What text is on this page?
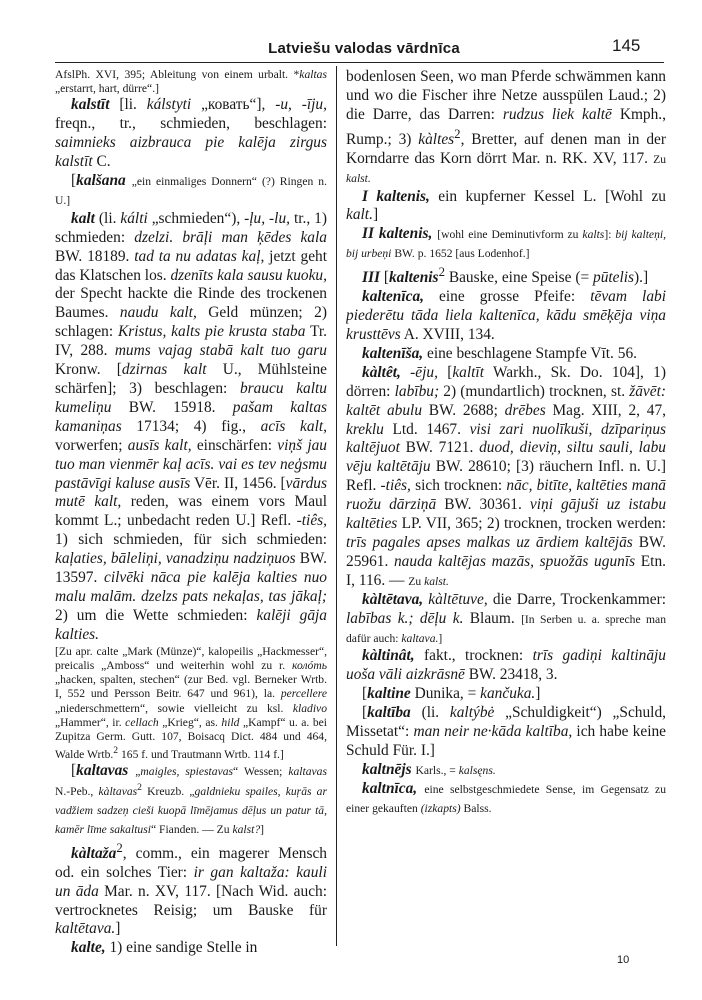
Latviešu valodas vārdnīca	145

AfslPh. XVI, 395; Ableitung von einem urbalt. *kaltas „erstarrt, hart, dürre“.]

kalstīt [li. kálstyti „ковать“], -u, -īju, freqn., tr., schmieden, beschlagen: saimnieks aizbrauca pie kalēja zirgus kalstīt C.

[kalšana „ein einmaliges Donnern“ (?) Ringen n. U.]

kalt (li. kálti „schmieden“), -ļu, -lu, tr., 1) schmieden: dzelzi. brāļi man ķēdes kala BW. 18189. tad ta nu adatas kaļ, jetzt geht das Klatschen los. dzenīts kala sausu kuoku, der Specht hackte die Rinde des trockenen Baumes. naudu kalt, Geld münzen; 2) schlagen: Kristus, kalts pie krusta staba Tr. IV, 288. mums vajag stabā kalt tuo garu Kronw. [dzirnas kalt U., Mühlsteine schärfen]; 3) beschlagen: braucu kaltu kumeliņu BW. 15918. pašam kaltas kamaniņas 17134; 4) fig., acīs kalt, vorwerfen; ausīs kalt, einschärfen: viņš jau tuo man vienmēr kaļ acīs. vai es tev neģsmu pastāvīgi kaluse ausīs Vēr. II, 1456. [vārdus mutē kalt, reden, was einem vors Maul kommt L.; unbedacht reden U.] Refl. -tiês, 1) sich schmieden, für sich schmieden: kaļaties, bāleliņi, vanadziņu nadziņuos BW. 13597. cilvēki nāca pie kalēja kalties nuo malu malām. dzelzs pats nekaļas, tas jākaļ; 2) um die Wette schmieden: kalēji gāja kalties.

[Zu apr. calte „Mark (Münze)“, kalopeilis „Hackmesser“, preicalis „Amboss“ und weiterhin wohl zu r. колóть „hacken, spalten, stechen“ (zur Bed. vgl. Berneker Wrtb. I, 552 und Persson Beitr. 647 und 961), la. percellere „niederschmettern“, sowie vielleicht zu ksl. kladivo „Hammer“, ir. cellach „Krieg“, as. hild „Kampf“ u. a. bei Zupitza Germ. Gutt. 107, Boisacq Dict. 484 und 464, Walde Wrtb.$^2$ 165 f. und Trautmann Wrtb. 114 f.]

[kaltavas „maigles, spiestavas“ Wessen; kaltavas N.-Peb., kàltavas$^2$ Kreuzb. „galdnieku spailes, kuŗās ar vadžiem sadzeņ cieši kuopā līmējamus dēļus un patur tā, kamēr līme sakaltusi“ Fianden. — Zu kalst?]

kàltaža$^2$, comm., ein magerer Mensch od. ein solches Tier: ir gan kaltaža: kauli un āda Mar. n. XV, 117. [Nach Wid. auch: vertrocknetes Reisig; um Bauske für kaltētava.]

kalte, 1) eine sandige Stelle in

bodenlosen Seen, wo man Pferde schwämmen kann und wo die Fischer ihre Netze ausspülen Laud.; 2) die Darre, das Darren: rudzus liek kaltē Kmph., Rump.; 3) kàltes$^2$, Bretter, auf denen man in der Korndarre das Korn dörrt Mar. n. RK. XV, 117. Zu kalst.

I kaltenis, ein kupferner Kessel L. [Wohl zu kalt.]

II kaltenis, [wohl eine Deminutivform zu kalts]: bij kalteņi, bij urbeņi BW. p. 1652 [aus Lodenhof.]

III [kaltenis$^2$ Bauske, eine Speise (= pūtelis).]

kaltenīca, eine grosse Pfeife: tēvam labi piederētu tāda liela kaltenīca, kādu smēķēja viņa krusttēvs A. XVIII, 134.

kaltenīša, eine beschlagene Stampfe Vīt. 56.

kàltêt, -ēju, [kaltīt Warkh., Sk. Do. 104], 1) dörren: labību; 2) (mundartlich) trocknen, st. žāvēt: kaltēt abulu BW. 2688; drēbes Mag. XIII, 2, 47, kreklu Ltd. 1467. visi zari nuolīkuši, dzīpariņus kaltējuot BW. 7121. duod, dieviņ, siltu sauli, labu vēju kaltētāju BW. 28610; [3) räuchern Infl. n. U.] Refl. -tiês, sich trocknen: nāc, bitīte, kaltēties manā ruožu dārziņā BW. 30361. viņi gājuši uz istabu kaltēties LP. VII, 365; 2) trocknen, trocken werden: trīs pagales apses malkas uz ārdiem kaltējās BW. 25961. nauda kaltējas mazās, spuožās ugunīs Etn. I, 116. — Zu kalst.

kàltētava, kàltētuve, die Darre, Trockenkammer: labības k.; dēļu k. Blaum. [In Serben u. a. spreche man dafür auch: kaltava.]

kàltinât, fakt., trocknen: trīs gadiņi kaltināju uoša vāli aizkrāsnē BW. 23418, 3.

[kaltine Dunika, = kančuka.]

[kaltība (li. kaltýbė „Schuldigkeit“) „Schuld, Missetat“: man neir ne·kāda kaltība, ich habe keine Schuld Für. I.]

kaltnējs Karls., = kalsęns.

kaltnīca, eine selbstgeschmiedete Sense, im Gegensatz zu einer gekauften (izkapts) Balss.

10
